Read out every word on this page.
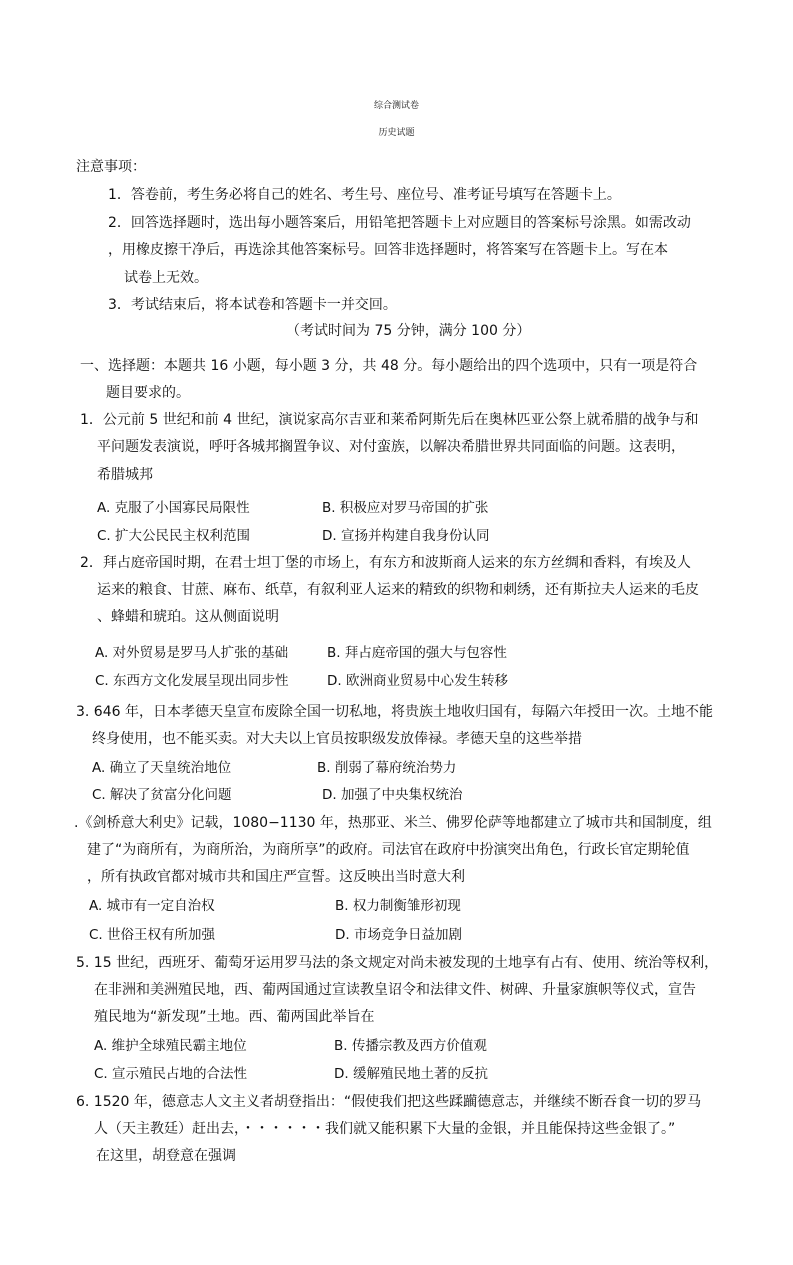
综合测试卷
历史试题
注意事项：
1．答卷前，考生务必将自己的姓名、考生号、座位号、准考证号填写在答题卡上。
2．回答选择题时，选出每小题答案后，用铅笔把答题卡上对应题目的答案标号涂黑。如需改动
，用橡皮擦干净后，再选涂其他答案标号。回答非选择题时，将答案写在答题卡上。写在本
试卷上无效。
3．考试结束后，将本试卷和答题卡一并交回。
（考试时间为 75 分钟，满分 100 分）
一、选择题：本题共 16 小题，每小题 3 分，共 48 分。每小题给出的四个选项中，只有一项是符合
题目要求的。
1．公元前 5 世纪和前 4 世纪，演说家高尔吉亚和莱希阿斯先后在奥林匹亚公祭上就希腊的战争与和
平问题发表演说，呼吁各城邦搁置争议、对付蛮族，以解决希腊世界共同面临的问题。这表明，
希腊城邦
A. 克服了小国寡民局限性	B. 积极应对罗马帝国的扩张
C. 扩大公民民主权利范围	D. 宣扬并构建自我身份认同
2．拜占庭帝国时期，在君士坦丁堡的市场上，有东方和波斯商人运来的东方丝绸和香料，有埃及人
运来的粮食、甘蔗、麻布、纸草，有叙利亚人运来的精致的织物和刺绣，还有斯拉夫人运来的毛皮
、蜂蜡和琥珀。这从侧面说明
A. 对外贸易是罗马人扩张的基础	B. 拜占庭帝国的强大与包容性
C. 东西方文化发展呈现出同步性	D. 欧洲商业贸易中心发生转移
3. 646 年，日本孝德天皇宣布废除全国一切私地，将贵族土地收归国有，每隔六年授田一次。土地不能
终身使用，也不能买卖。对大夫以上官员按职级发放俸禄。孝德天皇的这些举措
A. 确立了天皇统治地位	B. 削弱了幕府统治势力
C. 解决了贫富分化问题	D. 加强了中央集权统治
.《剑桥意大利史》记载，1080−1130 年，热那亚、米兰、佛罗伦萨等地都建立了城市共和国制度，组
建了“为商所有，为商所治，为商所享”的政府。司法官在政府中扮演突出角色，行政长官定期轮值
，所有执政官都对城市共和国庄严宣誓。这反映出当时意大利
A. 城市有一定自治权	B. 权力制衡雏形初现
C. 世俗王权有所加强	D. 市场竞争日益加剧
5. 15 世纪，西班牙、葡萄牙运用罗马法的条文规定对尚未被发现的土地享有占有、使用、统治等权利，
在非洲和美洲殖民地，西、葡两国通过宣读教皇诏令和法律文件、树碑、升量家旗帜等仪式，宣告
殖民地为“新发现”土地。西、葡两国此举旨在
A. 维护全球殖民霸主地位	B. 传播宗教及西方价值观
C. 宣示殖民占地的合法性	D. 缓解殖民地土著的反抗
6. 1520 年，德意志人文主义者胡登指出：“假使我们把这些蹂躏德意志，并继续不断吞食一切的罗马
人（天主教廷）赶出去，・・・・・・我们就又能积累下大量的金银，并且能保持这些金银了。”
在这里，胡登意在强调
